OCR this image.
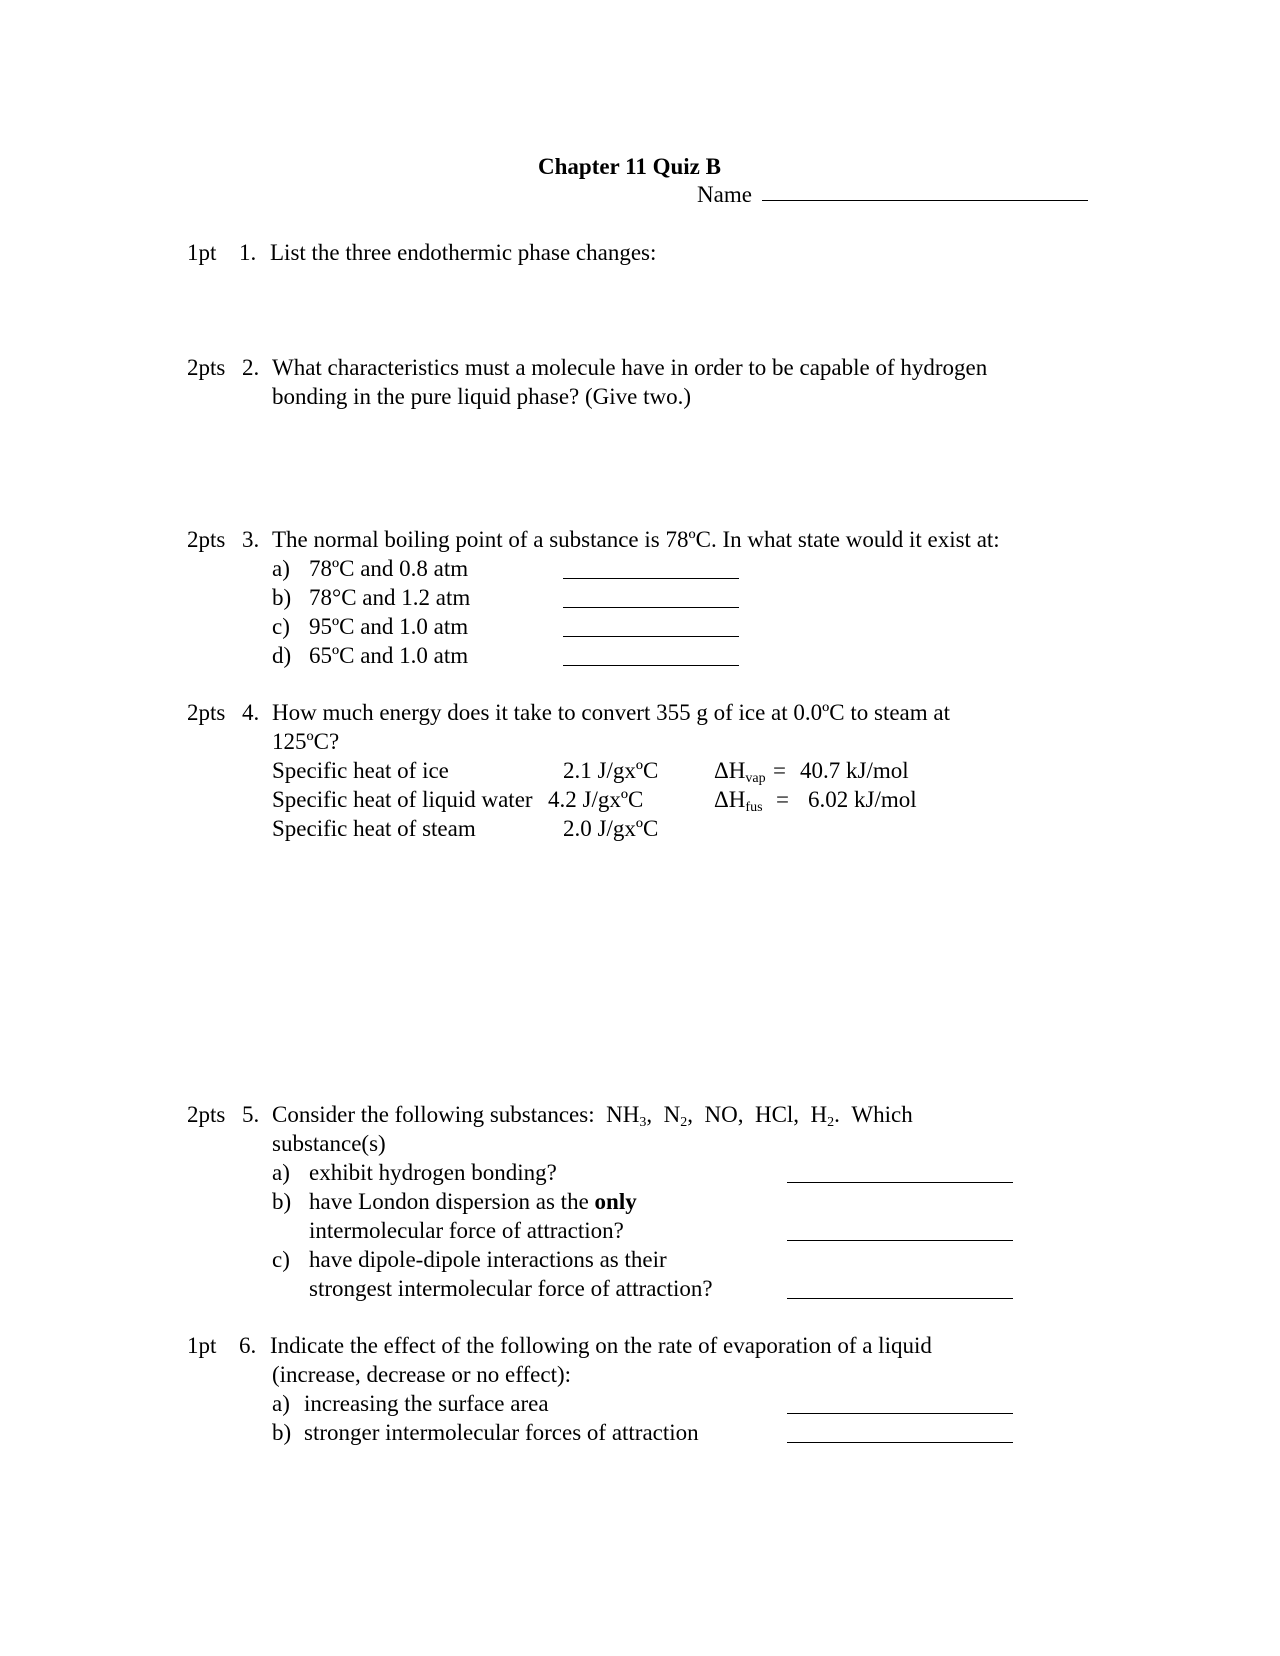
Chapter 11 Quiz B
Name
1pt 1. List the three endothermic phase changes:
2pts 2. What characteristics must a molecule have in order to be capable of hydrogen
bonding in the pure liquid phase? (Give two.)
2pts 3. The normal boiling point of a substance is 78ºC. In what state would it exist at:
a) 78ºC and 0.8 atm
b) 78°C and 1.2 atm
c) 95ºC and 1.0 atm
d) 65ºC and 1.0 atm
2pts 4. How much energy does it take to convert 355 g of ice at 0.0ºC to steam at
125ºC?
Specific heat of ice	2.1 J/gxºC
Specific heat of liquid water 4.2 J/gxºC
Specific heat of steam	2.0 J/gxºC
$\Delta H_{vap} = 40.7$ kJ/mol
$\Delta H_{fus} = 6.02$ kJ/mol
2pts 5. Consider the following substances: $NH_3$, $N_2$, NO, HCl, $H_2$. Which
substance(s)
a) exhibit hydrogen bonding?
b) have London dispersion as the only
intermolecular force of attraction?
c) have dipole-dipole interactions as their
strongest intermolecular force of attraction?
1pt 6. Indicate the effect of the following on the rate of evaporation of a liquid
(increase, decrease or no effect):
a) increasing the surface area
b) stronger intermolecular forces of attraction
